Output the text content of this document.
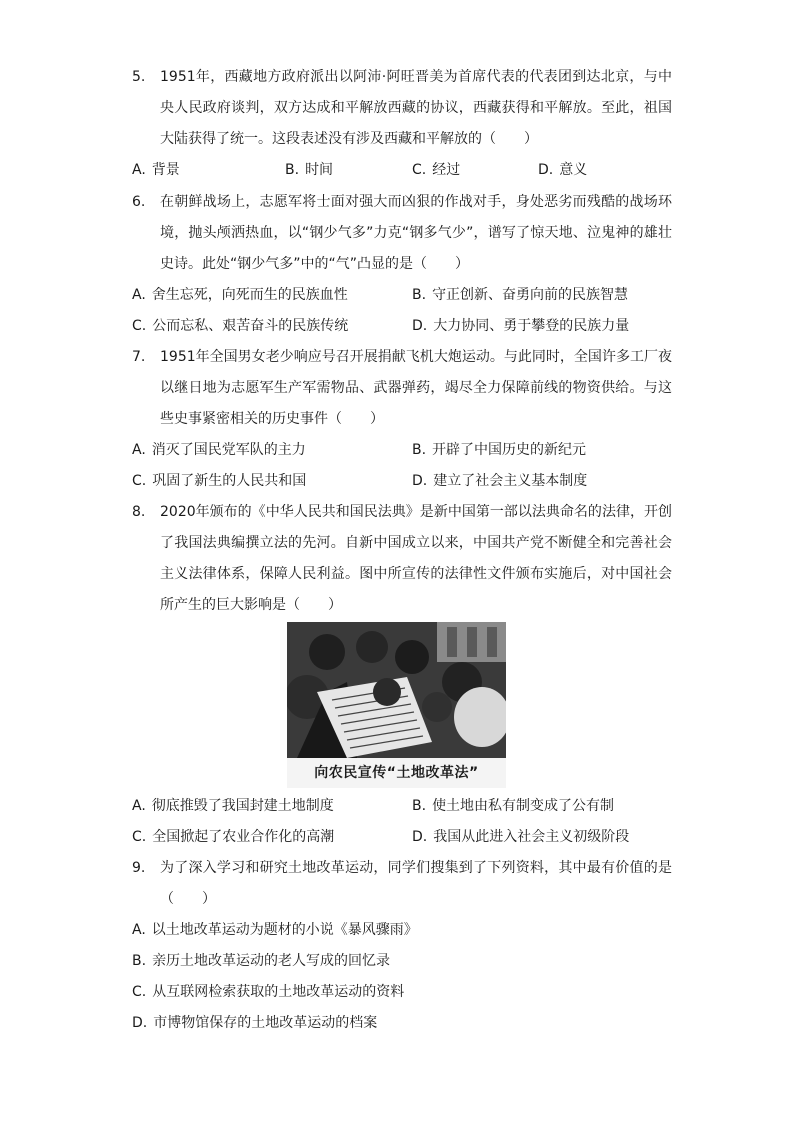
5.	1951年，西藏地方政府派出以阿沛·阿旺晋美为首席代表的代表团到达北京，与中央人民政府谈判，双方达成和平解放西藏的协议，西藏获得和平解放。至此，祖国大陆获得了统一。这段表述没有涉及西藏和平解放的（　　）
A. 背景	B. 时间	C. 经过	D. 意义
6.	在朝鲜战场上，志愿军将士面对强大而凶狠的作战对手，身处恶劣而残酷的战场环境，抛头颅洒热血，以“钢少气多”力克“钢多气少”，谱写了惊天地、泣鬼神的雄壮史诗。此处“钢少气多”中的“气”凸显的是（　　）
A. 舍生忘死，向死而生的民族血性	B. 守正创新、奋勇向前的民族智慧
C. 公而忘私、艰苦奋斗的民族传统	D. 大力协同、勇于攀登的民族力量
7.	1951年全国男女老少响应号召开展捐献飞机大炮运动。与此同时，全国许多工厂夜以继日地为志愿军生产军需物品、武器弹药，竭尽全力保障前线的物资供给。与这些史事紧密相关的历史事件（　　）
A. 消灭了国民党军队的主力	B. 开辟了中国历史的新纪元
C. 巩固了新生的人民共和国	D. 建立了社会主义基本制度
8.	2020年颁布的《中华人民共和国民法典》是新中国第一部以法典命名的法律，开创了我国法典编撰立法的先河。自新中国成立以来，中国共产党不断健全和完善社会主义法律体系，保障人民利益。图中所宣传的法律性文件颁布实施后，对中国社会所产生的巨大影响是（　　）
向农民宣传“土地改革法”
A. 彻底推毁了我国封建土地制度	B. 使土地由私有制变成了公有制
C. 全国掀起了农业合作化的高潮	D. 我国从此进入社会主义初级阶段
9.	为了深入学习和研究土地改革运动，同学们搜集到了下列资料，其中最有价值的是（　　）
A. 以土地改革运动为题材的小说《暴风骤雨》
B. 亲历土地改革运动的老人写成的回忆录
C. 从互联网检索获取的土地改革运动的资料
D. 市博物馆保存的土地改革运动的档案
